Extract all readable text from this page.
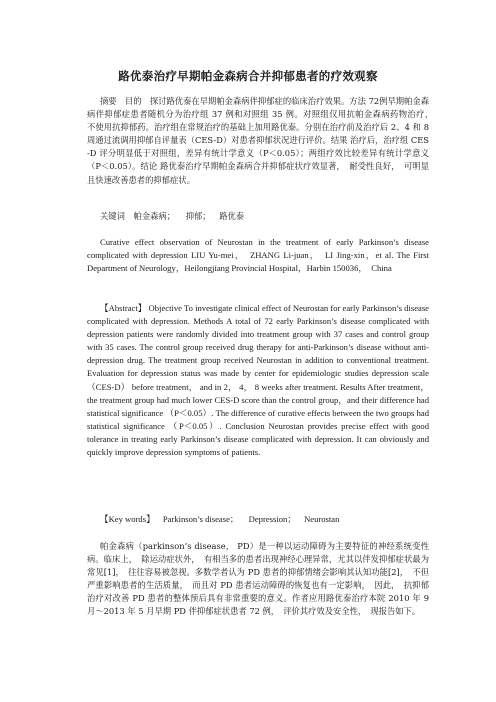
路优泰治疗早期帕金森病合并抑郁患者的疗效观察

摘要　目的　探讨路优泰在早期帕金森病伴抑郁症的临床治疗效果。方法 72例早期帕金森病伴抑郁症患者随机分为治疗组 37 例和对照组 35 例。对照组仅用抗帕金森病药物治疗，　不使用抗抑郁药。治疗组在常规治疗的基础上加用路优泰。分别在治疗前及治疗后 2、4 和 8 周通过流调用抑郁自评量表（CES-D）对患者抑郁状况进行评价。结果 治疗后，治疗组 CES-D 评分明显低于对照组，差异有统计学意义（P＜0.05）；两组疗效比较差异有统计学意义（P＜0.05）。结论 路优泰治疗早期帕金森病合并抑郁症状疗效显著，　耐受性良好，　可明显且快速改善患者的抑郁症状。

关键词 帕金森病； 抑郁； 路优泰

Curative effect observation of Neurostan in the treatment of early Parkinson’s disease complicated with depression LIU Yu-mei，　ZHANG Li-juan，　LI Jing-xin，et al. The First Department of Neurology，Heilongjiang Provincial Hospital，Harbin 150036，　China

【Abstract】 Objective To investigate clinical effect of Neurostan for early Parkinson’s disease complicated with depression. Methods A total of 72 early Parkinson’s disease complicated with depression patients were randomly divided into treatment group with 37 cases and control group with 35 cases. The control group received drug therapy for anti-Parkinson’s disease without anti-depression drug. The treatment group received Neurostan in addition to conventional treatment. Evaluation for depression status was made by center for epidemiologic studies depression scale （CES-D） before treatment， and in 2， 4， 8 weeks after treatment. Results After treatment， the treatment group had much lower CES-D score than the control group，and their difference had statistical significance （P＜0.05）. The difference of curative effects between the two groups had statistical significance （P＜0.05）. Conclusion Neurostan provides precise effect with good tolerance in treating early Parkinson’s disease complicated with depression. It can obviously and quickly improve depression symptoms of patients.

【Key words】 Parkinson’s disease； Depression； Neurostan

帕金森病（parkinson’s disease， PD）是一种以运动障碍为主要特征的神经系统变性病。临床上，　除运动症状外，　有相当多的患者出现神经心理异常，尤其以伴发抑郁症状最为常见[1]，　往往容易被忽视。多数学者认为 PD 患者的抑郁情绪会影响其认知功能[2]，　不但严重影响患者的生活质量，　而且对 PD 患者运动障碍的恢复也有一定影响，　因此，　抗抑郁治疗对改善 PD 患者的整体预后具有非常重要的意义。作者应用路优泰治疗本院 2010 年 9 月～2013 年 5 月早期 PD 伴抑郁症状患者 72 例，　评价其疗效及安全性，　现报告如下。
